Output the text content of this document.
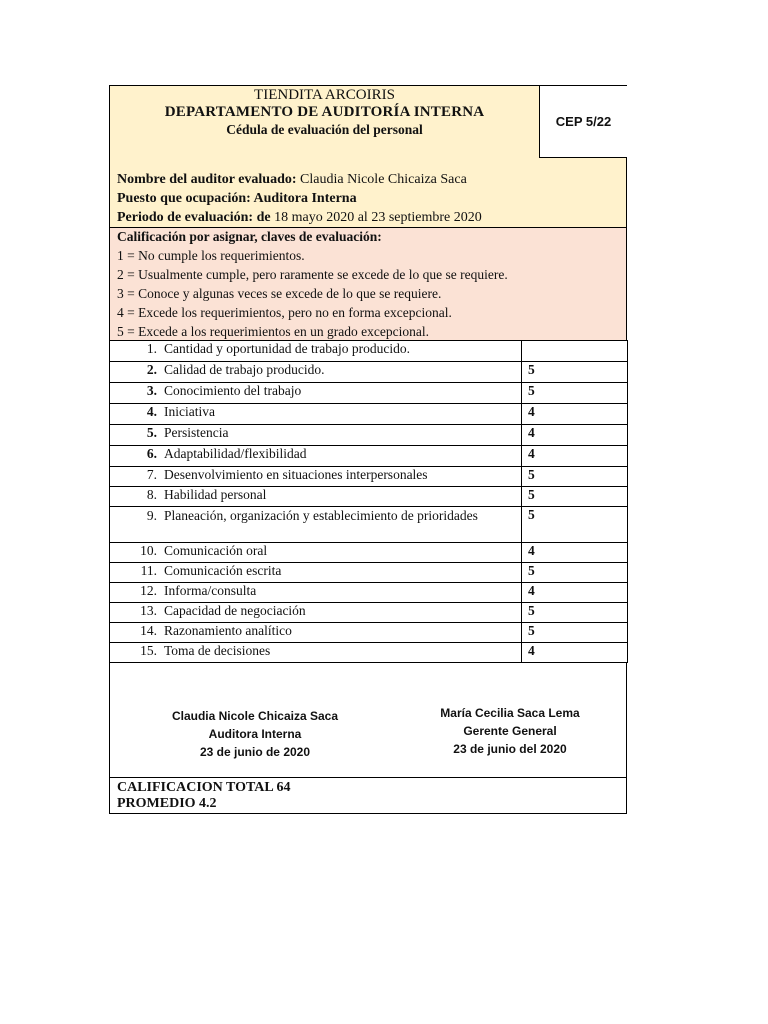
TIENDITA ARCOIRIS
DEPARTAMENTO DE AUDITORÍA INTERNA
Cédula de evaluación del personal
CEP 5/22
Nombre del auditor evaluado: Claudia Nicole Chicaiza Saca
Puesto que ocupación: Auditora Interna
Periodo de evaluación: de 18 mayo 2020 al 23 septiembre 2020
Calificación por asignar, claves de evaluación:
1 = No cumple los requerimientos.
2 = Usualmente cumple, pero raramente se excede de lo que se requiere.
3 = Conoce y algunas veces se excede de lo que se requiere.
4 = Excede los requerimientos, pero no en forma excepcional.
5 = Excede a los requerimientos en un grado excepcional.
1. Cantidad y oportunidad de trabajo producido.	
2. Calidad de trabajo producido.	5
3. Conocimiento del trabajo	5
4. Iniciativa	4
5. Persistencia	4
6. Adaptabilidad/flexibilidad	4
7. Desenvolvimiento en situaciones interpersonales	5
8. Habilidad personal	5
9. Planeación, organización y establecimiento de prioridades	5
10. Comunicación oral	4
11. Comunicación escrita	5
12. Informa/consulta	4
13. Capacidad de negociación	5
14. Razonamiento analítico	5
15. Toma de decisiones	4
Claudia Nicole Chicaiza Saca
Auditora Interna
23 de junio de 2020
María Cecilia Saca Lema
Gerente General
23 de junio del 2020
CALIFICACION TOTAL 64
PROMEDIO 4.2
